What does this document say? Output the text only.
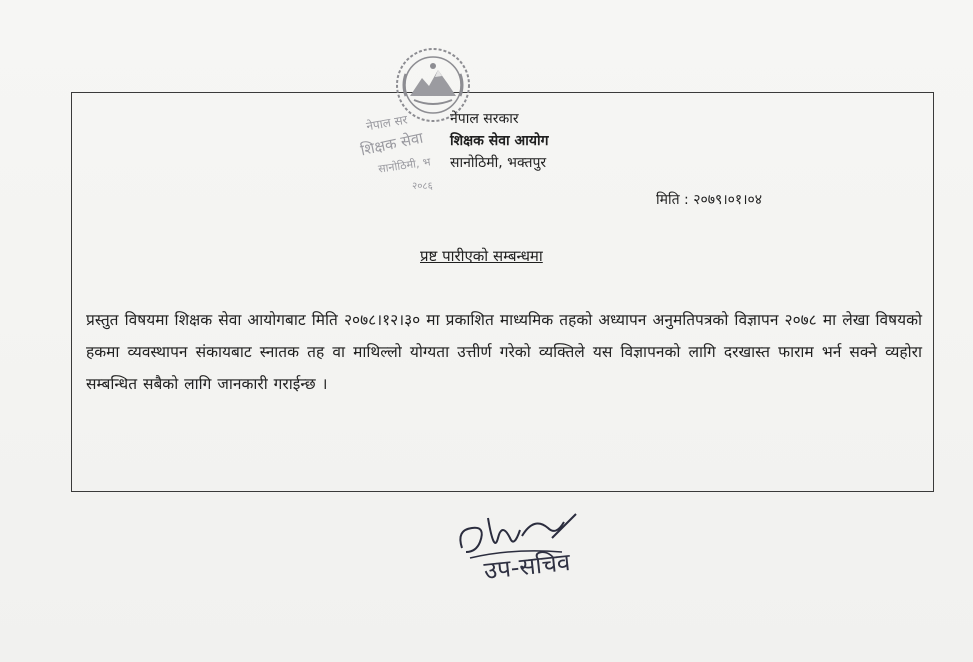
नेपाल सर
शिक्षक सेवा
सानोठिमी, भ
२०८६
नेपाल सरकार
शिक्षक सेवा आयोग
सानोठिमी, भक्तपुर
मिति : २०७९।०१।०४
प्रष्ट पारीएको सम्बन्धमा
प्रस्तुत विषयमा शिक्षक सेवा आयोगबाट मिति २०७८।१२।३० मा प्रकाशित माध्यमिक तहको अध्यापन अनुमतिपत्रको विज्ञापन २०७८ मा लेखा विषयको हकमा व्यवस्थापन संकायबाट स्नातक तह वा माथिल्लो योग्यता उत्तीर्ण गरेको व्यक्तिले यस विज्ञापनको लागि दरखास्त फाराम भर्न सक्ने व्यहोरा सम्बन्धित सबैको लागि जानकारी गराईन्छ ।
उप-सचिव
